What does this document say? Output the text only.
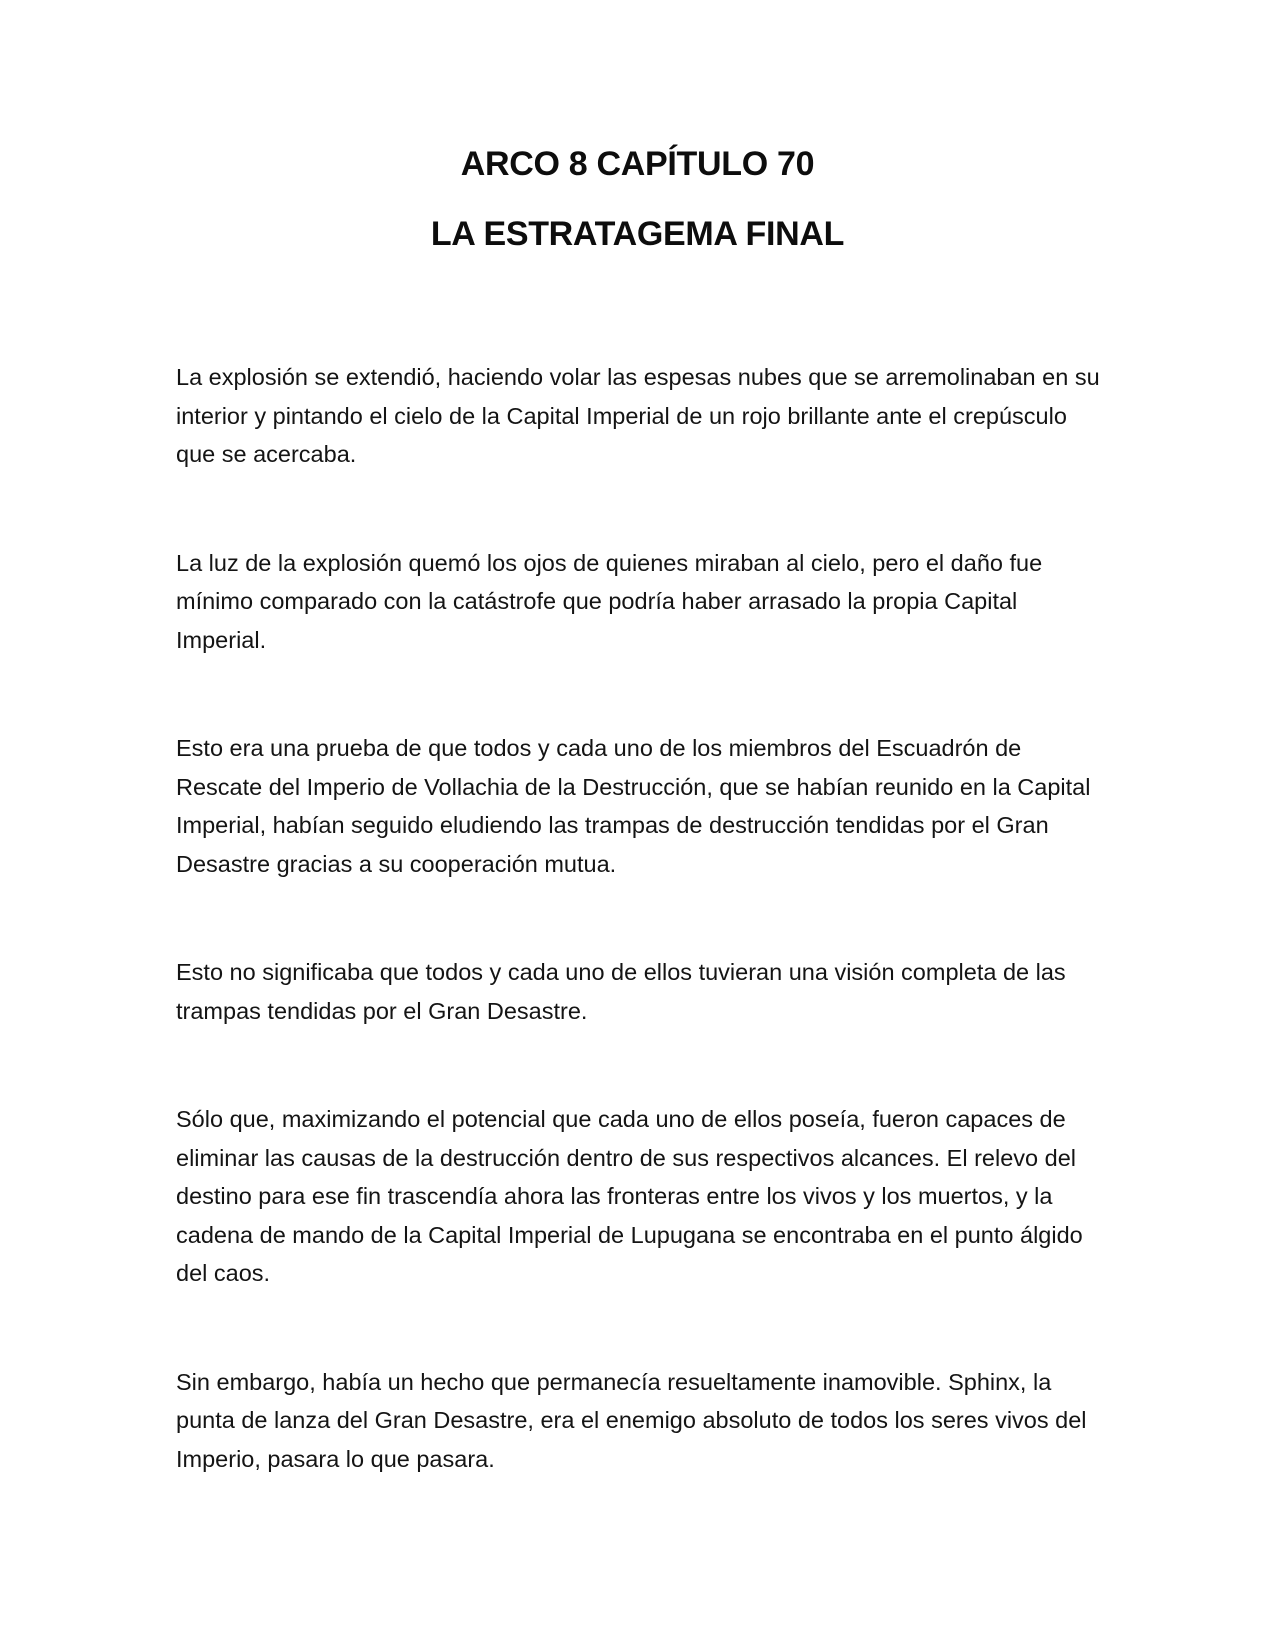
ARCO 8 CAPÍTULO 70
LA ESTRATAGEMA FINAL

La explosión se extendió, haciendo volar las espesas nubes que se arremolinaban en su interior y pintando el cielo de la Capital Imperial de un rojo brillante ante el crepúsculo que se acercaba.

La luz de la explosión quemó los ojos de quienes miraban al cielo, pero el daño fue mínimo comparado con la catástrofe que podría haber arrasado la propia Capital Imperial.

Esto era una prueba de que todos y cada uno de los miembros del Escuadrón de Rescate del Imperio de Vollachia de la Destrucción, que se habían reunido en la Capital Imperial, habían seguido eludiendo las trampas de destrucción tendidas por el Gran Desastre gracias a su cooperación mutua.

Esto no significaba que todos y cada uno de ellos tuvieran una visión completa de las trampas tendidas por el Gran Desastre.

Sólo que, maximizando el potencial que cada uno de ellos poseía, fueron capaces de eliminar las causas de la destrucción dentro de sus respectivos alcances. El relevo del destino para ese fin trascendía ahora las fronteras entre los vivos y los muertos, y la cadena de mando de la Capital Imperial de Lupugana se encontraba en el punto álgido del caos.

Sin embargo, había un hecho que permanecía resueltamente inamovible. Sphinx, la punta de lanza del Gran Desastre, era el enemigo absoluto de todos los seres vivos del Imperio, pasara lo que pasara.
